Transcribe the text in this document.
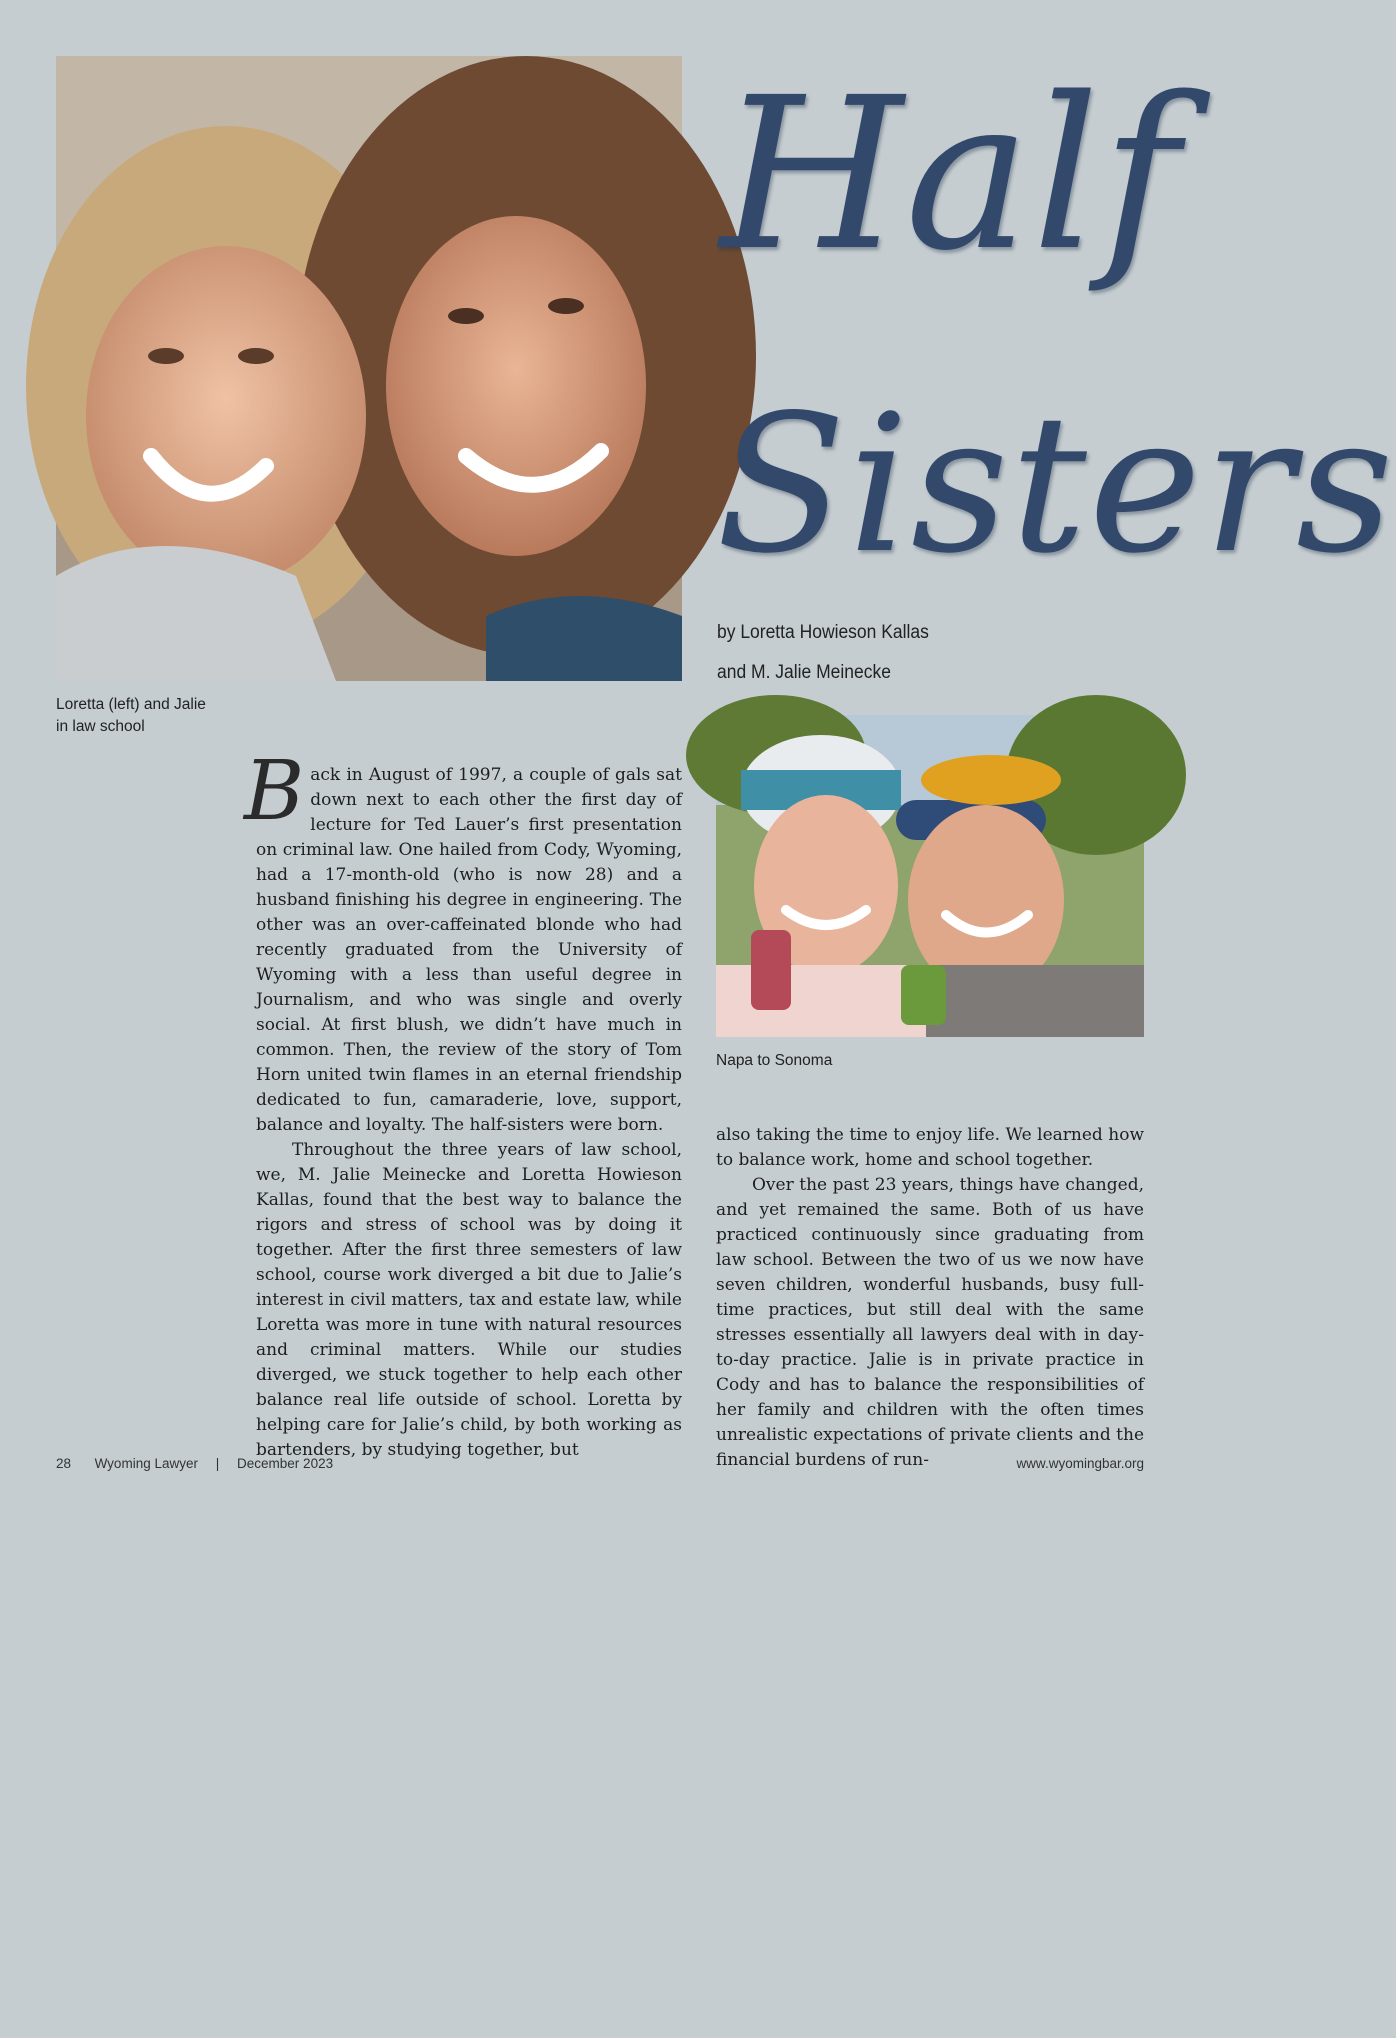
Loretta (left) and Jalie
in law school
Half
Sisters
by Loretta Howieson Kallas
and M. Jalie Meinecke
Napa to Sonoma

Back in August of 1997, a couple of gals sat down next to each other the first day of lecture for Ted Lauer’s first presentation on criminal law. One hailed from Cody, Wyoming, had a 17-month-old (who is now 28) and a husband finishing his degree in engineering. The other was an over-caffeinated blonde who had recently graduated from the University of Wyoming with a less than useful degree in Journalism, and who was single and overly social. At first blush, we didn’t have much in common. Then, the review of the story of Tom Horn united twin flames in an eternal friendship dedicated to fun, camaraderie, love, support, balance and loyalty. The half-sisters were born.

Throughout the three years of law school, we, M. Jalie Meinecke and Loretta Howieson Kallas, found that the best way to balance the rigors and stress of school was by doing it together. After the first three semesters of law school, course work diverged a bit due to Jalie’s interest in civil matters, tax and estate law, while Loretta was more in tune with natural resources and criminal matters. While our studies diverged, we stuck together to help each other balance real life outside of school. Loretta by helping care for Jalie’s child, by both working as bartenders, by studying together, but

also taking the time to enjoy life. We learned how to balance work, home and school together.

Over the past 23 years, things have changed, and yet remained the same. Both of us have practiced continuously since graduating from law school. Between the two of us we now have seven children, wonderful husbands, busy full-time practices, but still deal with the same stresses essentially all lawyers deal with in day-to-day practice. Jalie is in private practice in Cody and has to balance the responsibilities of her family and children with the often times unrealistic expectations of private clients and the financial burdens of run-

28 Wyoming Lawyer | December 2023	www.wyomingbar.org
